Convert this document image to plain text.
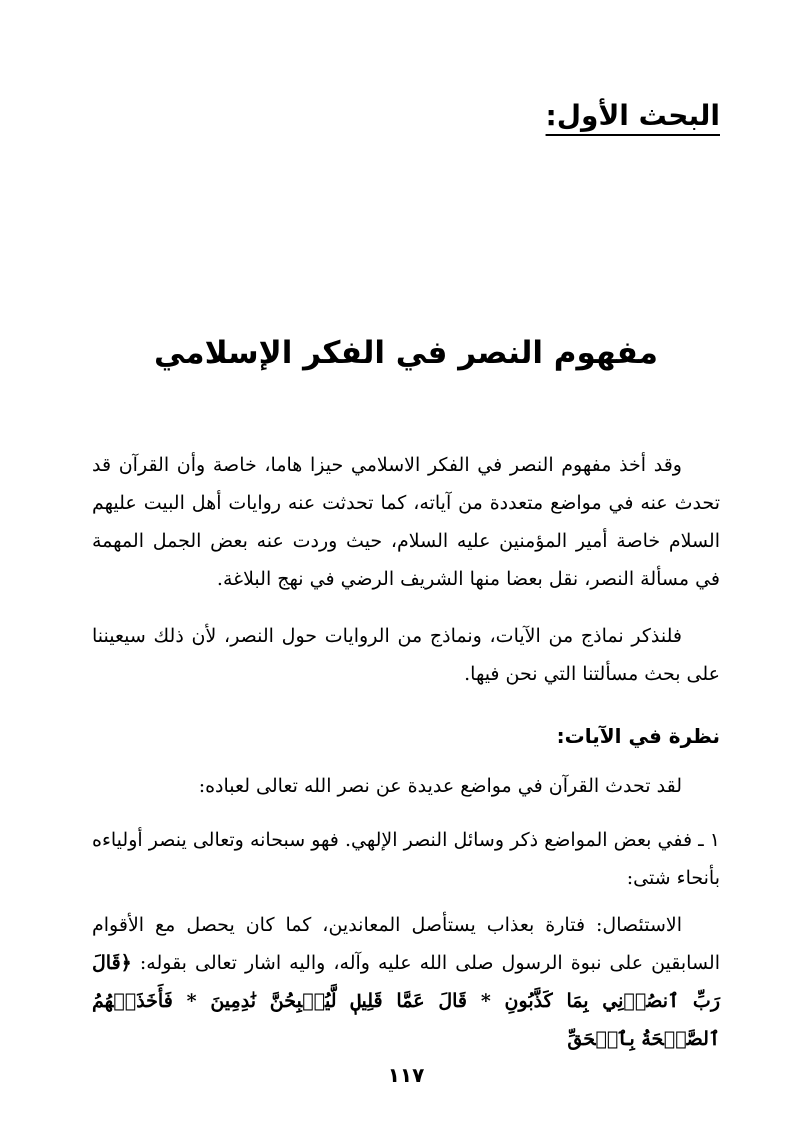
البحث الأول:
مفهوم النصر في الفكر الإسلامي

وقد أخذ مفهوم النصر في الفكر الاسلامي حيزا هاما، خاصة وأن القرآن قد تحدث عنه في مواضع متعددة من آياته، كما تحدثت عنه روايات أهل البيت عليهم السلام خاصة أمير المؤمنين عليه السلام، حيث وردت عنه بعض الجمل المهمة في مسألة النصر، نقل بعضا منها الشريف الرضي في نهج البلاغة.

فلنذكر نماذج من الآيات، ونماذج من الروايات حول النصر، لأن ذلك سيعيننا على بحث مسألتنا التي نحن فيها.

نظرة في الآيات:

لقد تحدث القرآن في مواضع عديدة عن نصر الله تعالى لعباده:

١ ـ ففي بعض المواضع ذكر وسائل النصر الإلهي. فهو سبحانه وتعالى ينصر أولياءه بأنحاء شتى:

الاستئصال: فتارة بعذاب يستأصل المعاندين، كما كان يحصل مع الأقوام السابقين على نبوة الرسول صلى الله عليه وآله، واليه اشار تعالى بقوله: ﴿قَالَ رَبِّ ٱنصُرۡنِي بِمَا كَذَّبُونِ * قَالَ عَمَّا قَلِيلٖ لَّيُصۡبِحُنَّ نَٰدِمِينَ * فَأَخَذَتۡهُمُ ٱلصَّيۡحَةُ بِٱلۡحَقِّ

١١٧
